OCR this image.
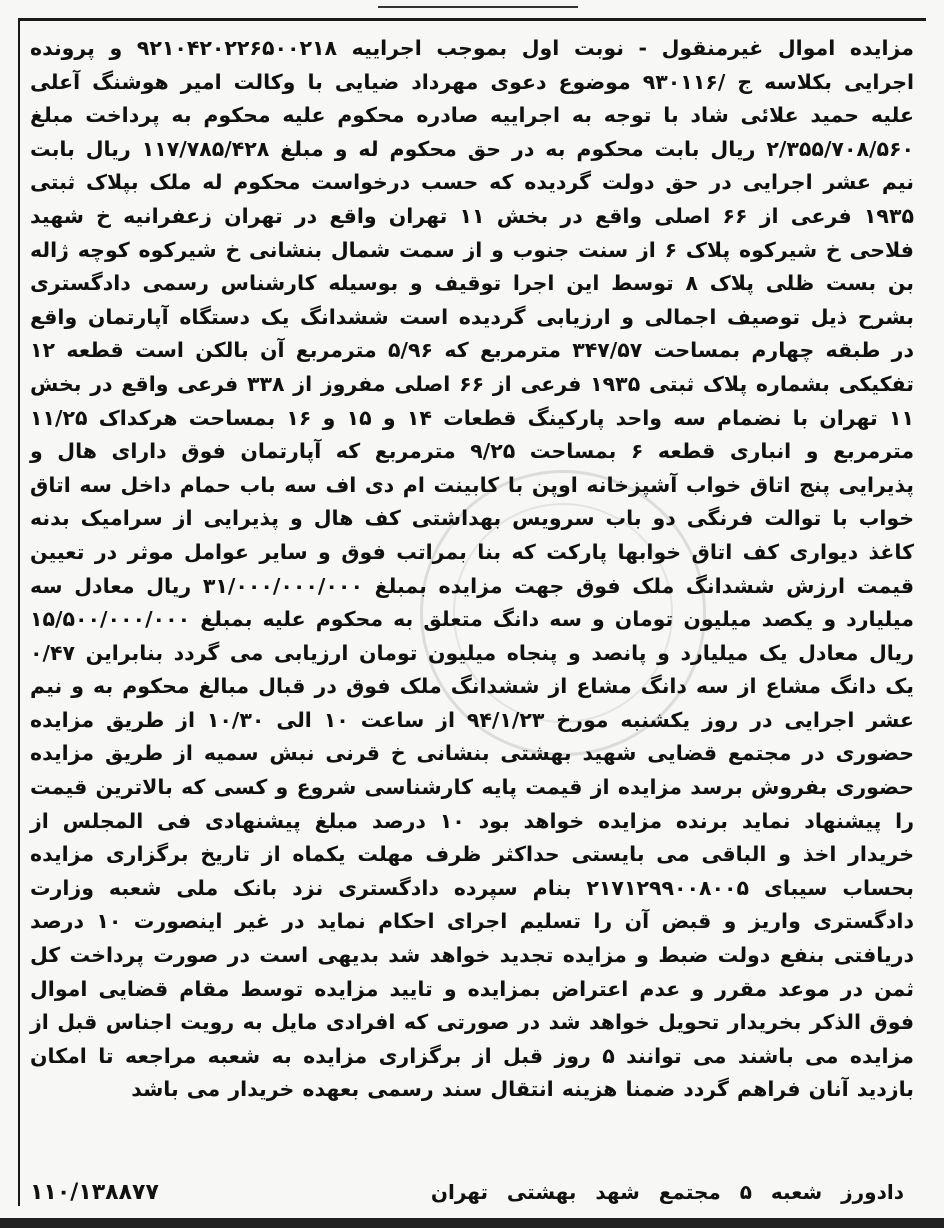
مزایده اموال غیرمنقول - نوبت اول بموجب اجراییه ۹۲۱۰۴۲۰۲۲۶۵۰۰۲۱۸ و پرونده اجرایی بکلاسه ج /۹۳۰۱۱۶ موضوع دعوی مهرداد ضیایی با وکالت امیر هوشنگ آعلی علیه حمید علائی شاد با توجه به اجراییه صادره محکوم علیه محکوم به پرداخت مبلغ ۲/۳۵۵/۷۰۸/۵۶۰ ریال بابت محکوم به در حق محکوم له و مبلغ ۱۱۷/۷۸۵/۴۲۸ ریال بابت نیم عشر اجرایی در حق دولت گردیده که حسب درخواست محکوم له ملک بپلاک ثبتی ۱۹۳۵ فرعی از ۶۶ اصلی واقع در بخش ۱۱ تهران واقع در تهران زعفرانیه خ شهید فلاحی خ شیرکوه پلاک ۶ از سنت جنوب و از سمت شمال بنشانی خ شیرکوه کوچه ژاله بن بست ظلی پلاک ۸ توسط این اجرا توقیف و بوسیله کارشناس رسمی دادگستری بشرح ذیل توصیف اجمالی و ارزیابی گردیده است ششدانگ یک دستگاه آپارتمان واقع در طبقه چهارم بمساحت ۳۴۷/۵۷ مترمربع که ۵/۹۶ مترمربع آن بالکن است قطعه ۱۲ تفکیکی بشماره پلاک ثبتی ۱۹۳۵ فرعی از ۶۶ اصلی مفروز از ۳۳۸ فرعی واقع در بخش ۱۱ تهران با نضمام سه واحد پارکینگ قطعات ۱۴ و ۱۵ و ۱۶ بمساحت هرکداک ۱۱/۲۵ مترمربع و انباری قطعه ۶ بمساحت ۹/۲۵ مترمربع که آپارتمان فوق دارای هال و پذیرایی پنج اتاق خواب آشپزخانه اوپن با کابینت ام دی اف سه باب حمام داخل سه اتاق خواب با توالت فرنگی دو باب سرویس بهداشتی کف هال و پذیرایی از سرامیک بدنه کاغذ دیواری کف اتاق خوابها پارکت که بنا بمراتب فوق و سایر عوامل موثر در تعیین قیمت ارزش ششدانگ ملک فوق جهت مزایده بمبلغ ۳۱/۰۰۰/۰۰۰/۰۰۰ ریال معادل سه میلیارد و یکصد میلیون تومان و سه دانگ متعلق به محکوم علیه بمبلغ ۱۵/۵۰۰/۰۰۰/۰۰۰ ریال معادل یک میلیارد و پانصد و پنجاه میلیون تومان ارزیابی می گردد بنابراین ۰/۴۷ یک دانگ مشاع از سه دانگ مشاع از ششدانگ ملک فوق در قبال مبالغ محکوم به و نیم عشر اجرایی در روز یکشنبه مورخ ۹۴/۱/۲۳ از ساعت ۱۰ الی ۱۰/۳۰ از طریق مزایده حضوری در مجتمع قضایی شهید بهشتی بنشانی خ قرنی نبش سمیه از طریق مزایده حضوری بفروش برسد مزایده از قیمت پایه کارشناسی شروع و کسی که بالاترین قیمت را پیشنهاد نماید برنده مزایده خواهد بود ۱۰ درصد مبلغ پیشنهادی فی المجلس از خریدار اخذ و الباقی می بایستی حداکثر ظرف مهلت یکماه از تاریخ برگزاری مزایده بحساب سیبای ۲۱۷۱۲۹۹۰۰۸۰۰۵ بنام سپرده دادگستری نزد بانک ملی شعبه وزارت دادگستری واریز و قبض آن را تسلیم اجرای احکام نماید در غیر اینصورت ۱۰ درصد دریافتی بنفع دولت ضبط و مزایده تجدید خواهد شد بدیهی است در صورت پرداخت کل ثمن در موعد مقرر و عدم اعتراض بمزایده و تایید مزایده توسط مقام قضایی اموال فوق الذکر بخریدار تحویل خواهد شد در صورتی که افرادی مایل به رویت اجناس قبل از مزایده می باشند می توانند ۵ روز قبل از برگزاری مزایده به شعبه مراجعه تا امکان بازدید آنان فراهم گردد ضمنا هزینه انتقال سند رسمی بعهده خریدار می باشد

دادورز شعبه ۵ مجتمع شهد بهشتی تهران
۱۱۰/۱۳۸۸۷۷
